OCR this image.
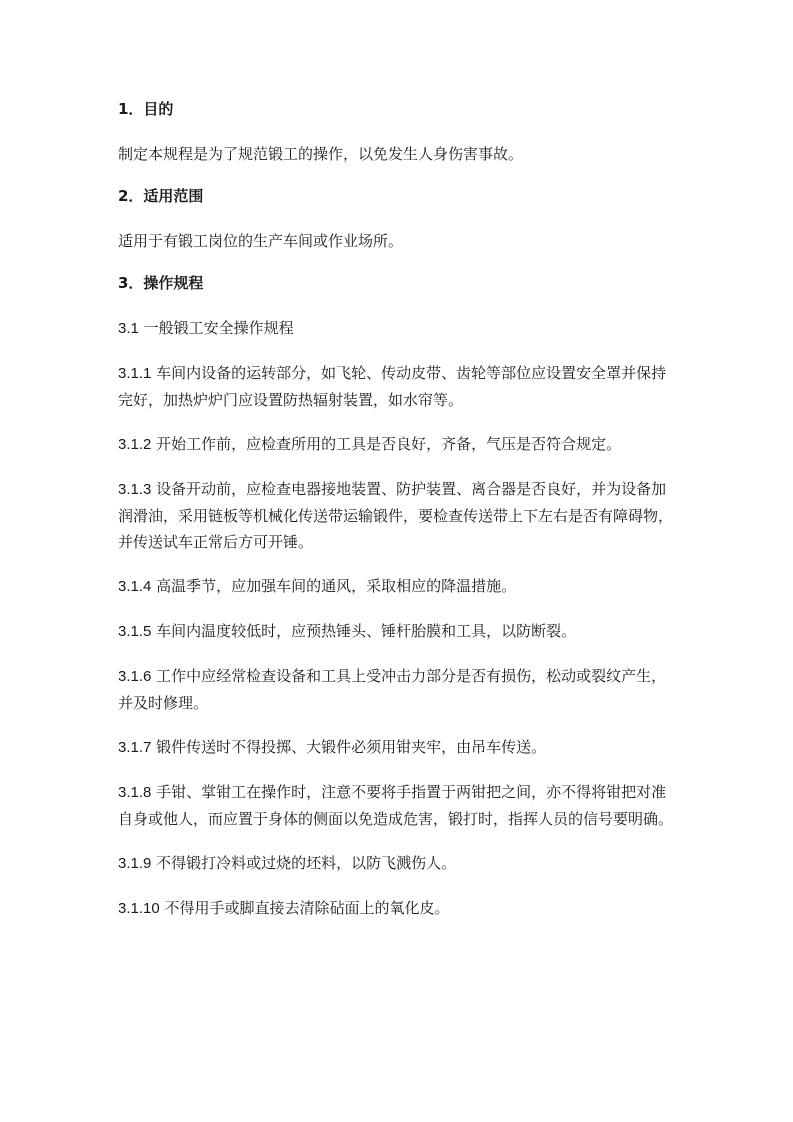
1．目的
制定本规程是为了规范锻工的操作，以免发生人身伤害事故。
2．适用范围
适用于有锻工岗位的生产车间或作业场所。
3．操作规程
3.1 一般锻工安全操作规程
3.1.1 车间内设备的运转部分，如飞轮、传动皮带、齿轮等部位应设置安全罩并保持完好，加热炉炉门应设置防热辐射装置，如水帘等。
3.1.2 开始工作前，应检查所用的工具是否良好，齐备，气压是否符合规定。
3.1.3 设备开动前，应检查电器接地装置、防护装置、离合器是否良好，并为设备加润滑油，采用链板等机械化传送带运输锻件，要检查传送带上下左右是否有障碍物，并传送试车正常后方可开锤。
3.1.4 高温季节，应加强车间的通风，采取相应的降温措施。
3.1.5 车间内温度较低时，应预热锤头、锤杆胎膜和工具，以防断裂。
3.1.6 工作中应经常检查设备和工具上受冲击力部分是否有损伤，松动或裂纹产生，并及时修理。
3.1.7 锻件传送时不得投掷、大锻件必须用钳夹牢，由吊车传送。
3.1.8 手钳、掌钳工在操作时，注意不要将手指置于两钳把之间，亦不得将钳把对准自身或他人，而应置于身体的侧面以免造成危害，锻打时，指挥人员的信号要明确。
3.1.9 不得锻打冷料或过烧的坯料，以防飞溅伤人。
3.1.10 不得用手或脚直接去清除砧面上的氧化皮。
